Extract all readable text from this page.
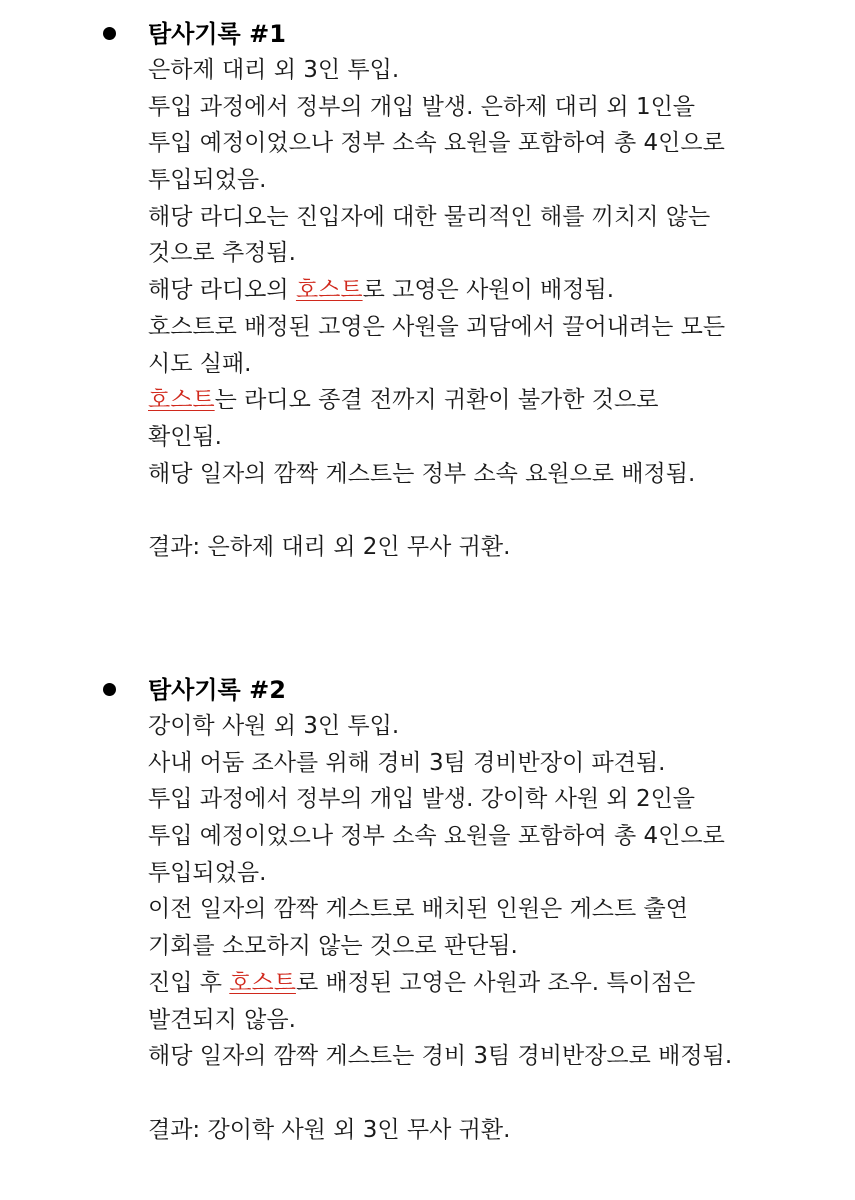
탐사기록 #1
은하제 대리 외 3인 투입.
투입 과정에서 정부의 개입 발생. 은하제 대리 외 1인을
투입 예정이었으나 정부 소속 요원을 포함하여 총 4인으로
투입되었음.
해당 라디오는 진입자에 대한 물리적인 해를 끼치지 않는
것으로 추정됨.
해당 라디오의 호스트로 고영은 사원이 배정됨.
호스트로 배정된 고영은 사원을 괴담에서 끌어내려는 모든
시도 실패.
호스트는 라디오 종결 전까지 귀환이 불가한 것으로
확인됨.
해당 일자의 깜짝 게스트는 정부 소속 요원으로 배정됨.
결과: 은하제 대리 외 2인 무사 귀환.
탐사기록 #2
강이학 사원 외 3인 투입.
사내 어둠 조사를 위해 경비 3팀 경비반장이 파견됨.
투입 과정에서 정부의 개입 발생. 강이학 사원 외 2인을
투입 예정이었으나 정부 소속 요원을 포함하여 총 4인으로
투입되었음.
이전 일자의 깜짝 게스트로 배치된 인원은 게스트 출연
기회를 소모하지 않는 것으로 판단됨.
진입 후 호스트로 배정된 고영은 사원과 조우. 특이점은
발견되지 않음.
해당 일자의 깜짝 게스트는 경비 3팀 경비반장으로 배정됨.
결과: 강이학 사원 외 3인 무사 귀환.
